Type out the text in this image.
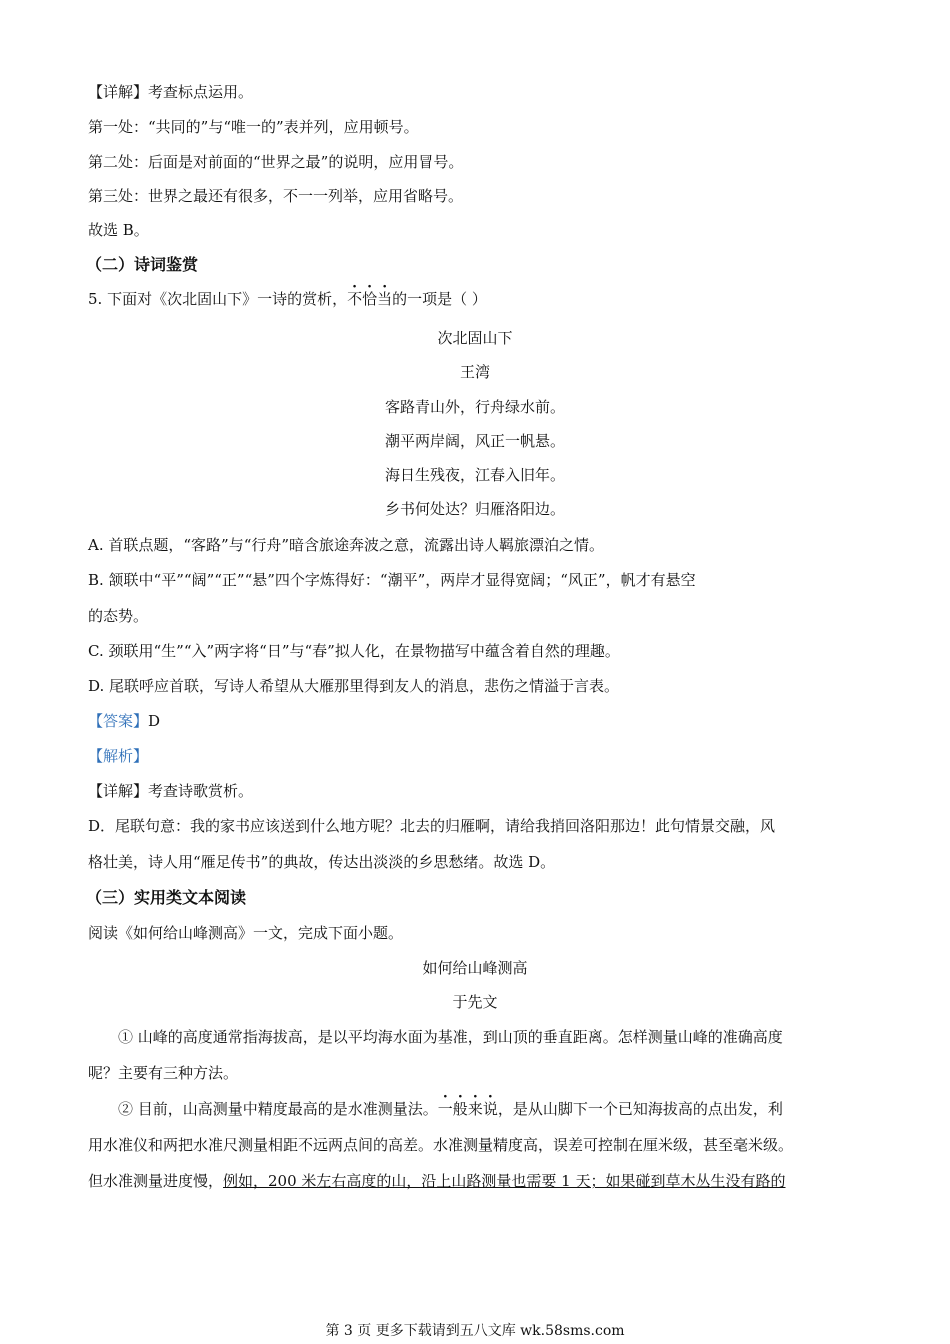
【详解】考查标点运用。
第一处：“共同的”与“唯一的”表并列，应用顿号。
第二处：后面是对前面的“世界之最”的说明，应用冒号。
第三处：世界之最还有很多，不一一列举，应用省略号。
故选 B。
（二）诗词鉴赏
5. 下面对《次北固山下》一诗的赏析，不恰当的一项是（ ）
次北固山下
王湾
客路青山外，行舟绿水前。
潮平两岸阔，风正一帆悬。
海日生残夜，江春入旧年。
乡书何处达？归雁洛阳边。
A. 首联点题，“客路”与“行舟”暗含旅途奔波之意，流露出诗人羁旅漂泊之情。
B. 颔联中“平”“阔”“正”“悬”四个字炼得好：“潮平”，两岸才显得宽阔；“风正”，帆才有悬空
的态势。
C. 颈联用“生”“入”两字将“日”与“春”拟人化，在景物描写中蕴含着自然的理趣。
D. 尾联呼应首联，写诗人希望从大雁那里得到友人的消息，悲伤之情溢于言表。
【答案】D
【解析】
【详解】考查诗歌赏析。
D．尾联句意：我的家书应该送到什么地方呢？北去的归雁啊，请给我捎回洛阳那边！此句情景交融，风
格壮美，诗人用“雁足传书”的典故，传达出淡淡的乡思愁绪。故选 D。
（三）实用类文本阅读
阅读《如何给山峰测高》一文，完成下面小题。
如何给山峰测高
于先文
① 山峰的高度通常指海拔高，是以平均海水面为基准，到山顶的垂直距离。怎样测量山峰的准确高度
呢？主要有三种方法。
② 目前，山高测量中精度最高的是水准测量法。一般来说，是从山脚下一个已知海拔高的点出发，利
用水准仪和两把水准尺测量相距不远两点间的高差。水准测量精度高，误差可控制在厘米级，甚至毫米级。
但水准测量进度慢，例如，200 米左右高度的山，沿上山路测量也需要 1 天；如果碰到草木丛生没有路的
第 3 页 更多下载请到五八文库 wk.58sms.com
